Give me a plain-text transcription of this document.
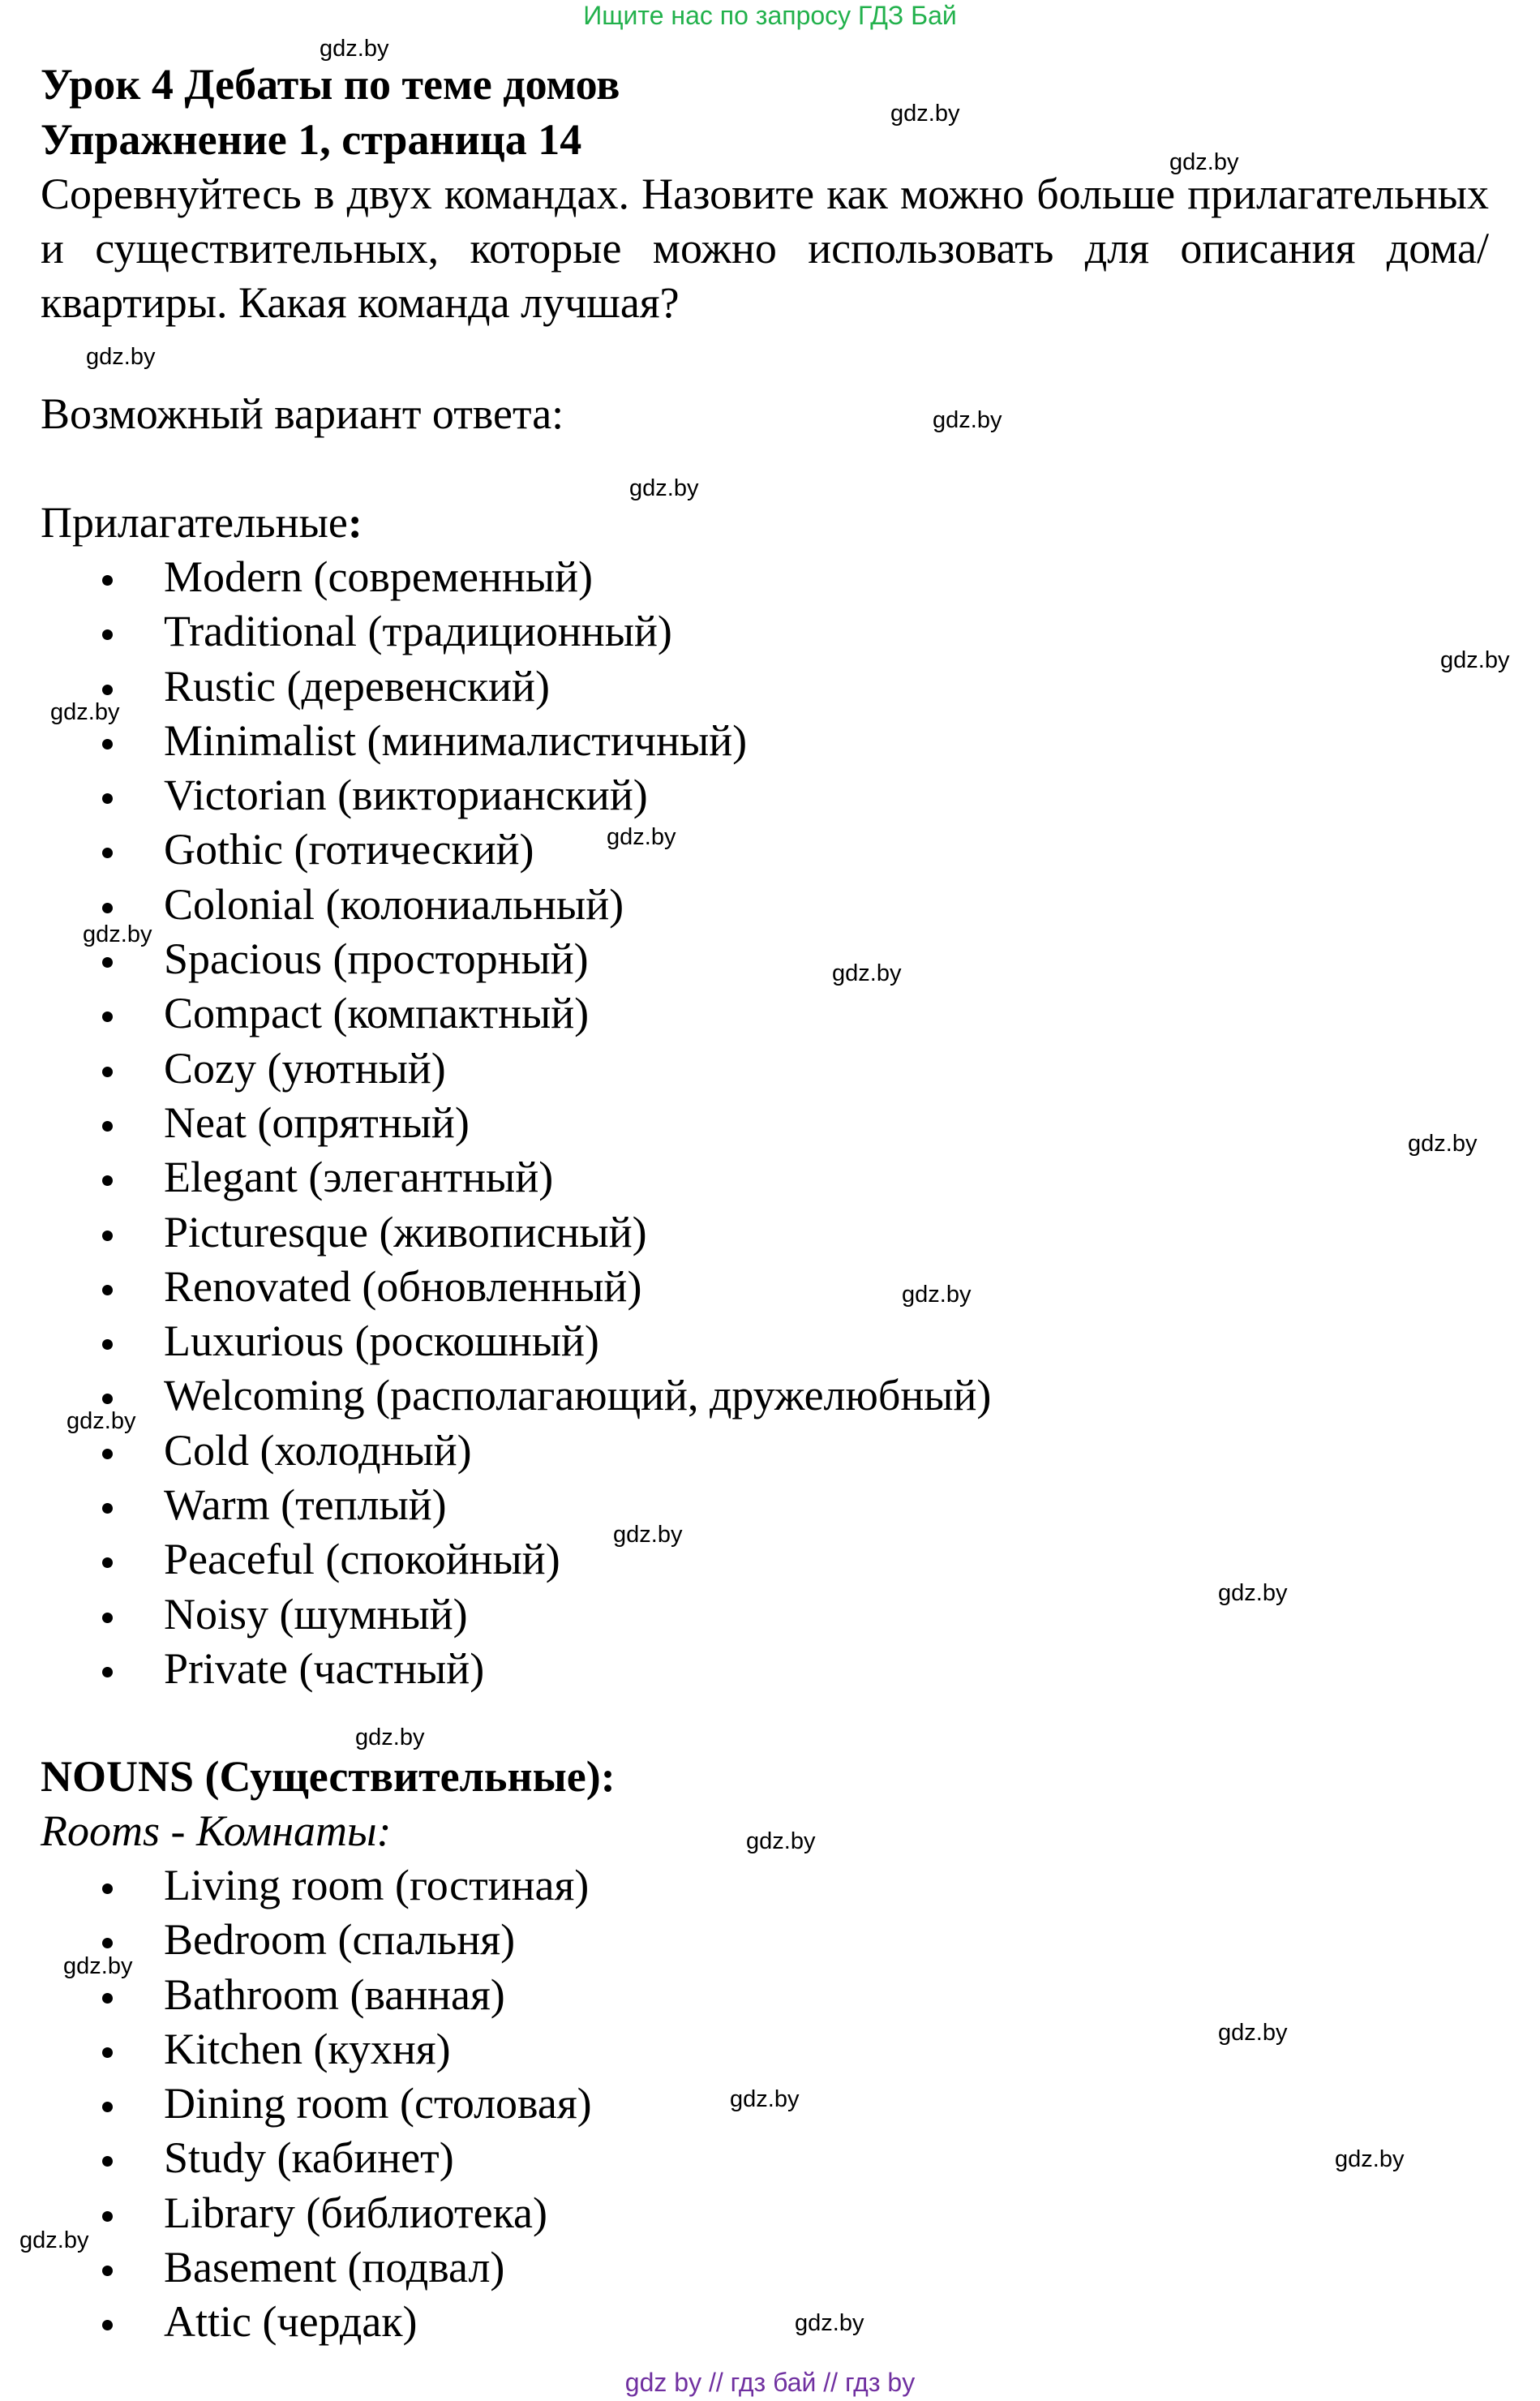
Ищите нас по запросу ГДЗ Бай
Урок 4 Дебаты по теме домов
Упражнение 1, страница 14
Соревнуйтесь в двух командах. Назовите как можно больше прилагательных и существительных, которые можно использовать для описания дома/квартиры. Какая команда лучшая?
Возможный вариант ответа:
Прилагательные:
Modern (современный)
Traditional (традиционный)
Rustic (деревенский)
Minimalist (минималистичный)
Victorian (викторианский)
Gothic (готический)
Colonial (колониальный)
Spacious (просторный)
Compact (компактный)
Cozy (уютный)
Neat (опрятный)
Elegant (элегантный)
Picturesque (живописный)
Renovated (обновленный)
Luxurious (роскошный)
Welcoming (располагающий, дружелюбный)
Cold (холодный)
Warm (теплый)
Peaceful (спокойный)
Noisy (шумный)
Private (частный)
NOUNS (Существительные):
Rooms - Комнаты:
Living room (гостиная)
Bedroom (спальня)
Bathroom (ванная)
Kitchen (кухня)
Dining room (столовая)
Study (кабинет)
Library (библиотека)
Basement (подвал)
Attic (чердак)
gdz.by
gdz.by
gdz.by
gdz.by
gdz.by
gdz.by
gdz.by
gdz.by
gdz.by
gdz.by
gdz.by
gdz.by
gdz.by
gdz.by
gdz.by
gdz.by
gdz.by
gdz.by
gdz.by
gdz.by
gdz.by
gdz.by
gdz.by
gdz.by
gdz by // гдз бай // гдз by
